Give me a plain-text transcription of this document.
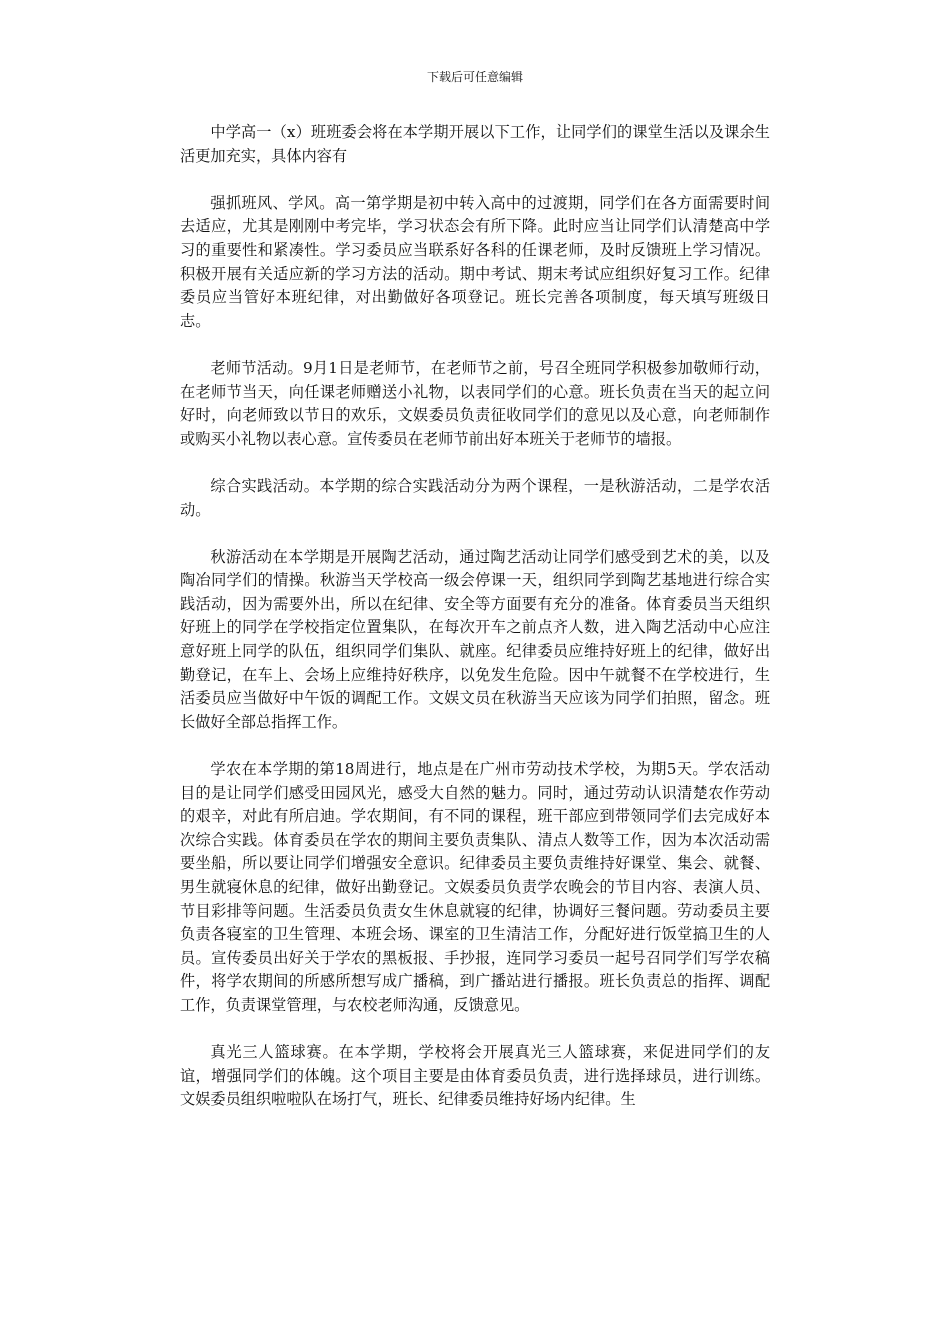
下载后可任意编辑

中学高一（x）班班委会将在本学期开展以下工作，让同学们的课堂生活以及课余生活更加充实，具体内容有

强抓班风、学风。高一第学期是初中转入高中的过渡期，同学们在各方面需要时间去适应，尤其是刚刚中考完毕，学习状态会有所下降。此时应当让同学们认清楚高中学习的重要性和紧凑性。学习委员应当联系好各科的任课老师，及时反馈班上学习情况。积极开展有关适应新的学习方法的活动。期中考试、期末考试应组织好复习工作。纪律委员应当管好本班纪律，对出勤做好各项登记。班长完善各项制度，每天填写班级日志。

老师节活动。9月1日是老师节，在老师节之前，号召全班同学积极参加敬师行动，在老师节当天，向任课老师赠送小礼物，以表同学们的心意。班长负责在当天的起立问好时，向老师致以节日的欢乐，文娱委员负责征收同学们的意见以及心意，向老师制作或购买小礼物以表心意。宣传委员在老师节前出好本班关于老师节的墙报。

综合实践活动。本学期的综合实践活动分为两个课程，一是秋游活动，二是学农活动。

秋游活动在本学期是开展陶艺活动，通过陶艺活动让同学们感受到艺术的美，以及陶冶同学们的情操。秋游当天学校高一级会停课一天，组织同学到陶艺基地进行综合实践活动，因为需要外出，所以在纪律、安全等方面要有充分的准备。体育委员当天组织好班上的同学在学校指定位置集队，在每次开车之前点齐人数，进入陶艺活动中心应注意好班上同学的队伍，组织同学们集队、就座。纪律委员应维持好班上的纪律，做好出勤登记，在车上、会场上应维持好秩序，以免发生危险。因中午就餐不在学校进行，生活委员应当做好中午饭的调配工作。文娱文员在秋游当天应该为同学们拍照，留念。班长做好全部总指挥工作。

学农在本学期的第18周进行，地点是在广州市劳动技术学校，为期5天。学农活动目的是让同学们感受田园风光，感受大自然的魅力。同时，通过劳动认识清楚农作劳动的艰辛，对此有所启迪。学农期间，有不同的课程，班干部应到带领同学们去完成好本次综合实践。体育委员在学农的期间主要负责集队、清点人数等工作，因为本次活动需要坐船，所以要让同学们增强安全意识。纪律委员主要负责维持好课堂、集会、就餐、男生就寝休息的纪律，做好出勤登记。文娱委员负责学农晚会的节目内容、表演人员、节目彩排等问题。生活委员负责女生休息就寝的纪律，协调好三餐问题。劳动委员主要负责各寝室的卫生管理、本班会场、课室的卫生清洁工作，分配好进行饭堂搞卫生的人员。宣传委员出好关于学农的黑板报、手抄报，连同学习委员一起号召同学们写学农稿件，将学农期间的所感所想写成广播稿，到广播站进行播报。班长负责总的指挥、调配工作，负责课堂管理，与农校老师沟通，反馈意见。

真光三人篮球赛。在本学期，学校将会开展真光三人篮球赛，来促进同学们的友谊，增强同学们的体魄。这个项目主要是由体育委员负责，进行选择球员，进行训练。文娱委员组织啦啦队在场打气，班长、纪律委员维持好场内纪律。生
